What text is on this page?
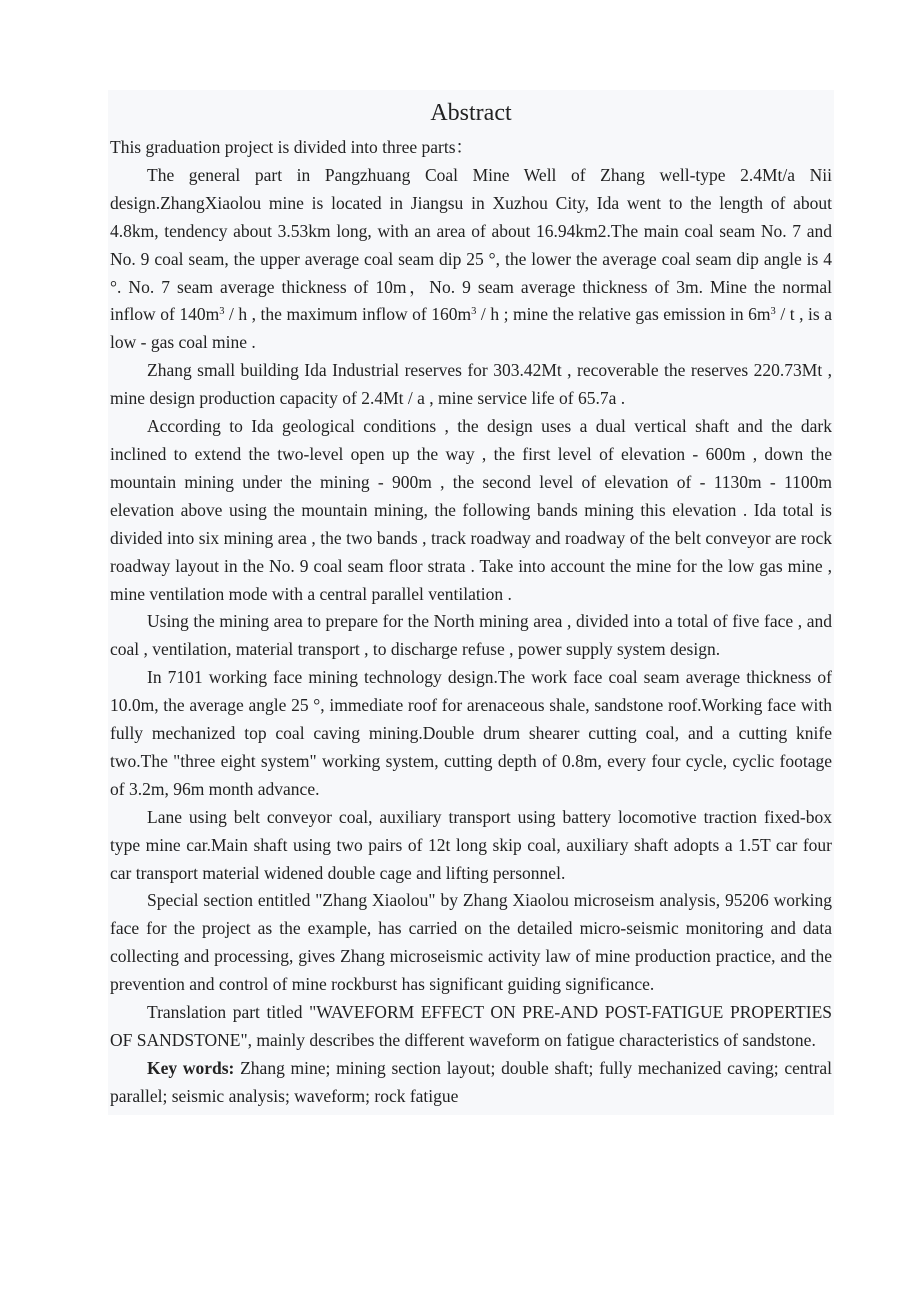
Abstract

This graduation project is divided into three parts：

The general part in Pangzhuang Coal Mine Well of Zhang well-type 2.4Mt/a Nii design.ZhangXiaolou mine is located in Jiangsu in Xuzhou City, Ida went to the length of about 4.8km, tendency about 3.53km long, with an area of about 16.94km2.The main coal seam No. 7 and No. 9 coal seam, the upper average coal seam dip 25 °, the lower the average coal seam dip angle is 4 °. No. 7 seam average thickness of 10m，No. 9 seam average thickness of 3m. Mine the normal inflow of $140m^3$ / h , the maximum inflow of $160m^3$ / h ; mine the relative gas emission in $6m^3$ / t , is a low - gas coal mine .

Zhang small building Ida Industrial reserves for 303.42Mt , recoverable the reserves 220.73Mt , mine design production capacity of 2.4Mt / a , mine service life of 65.7a .

According to Ida geological conditions , the design uses a dual vertical shaft and the dark inclined to extend the two-level open up the way , the first level of elevation - 600m , down the mountain mining under the mining - 900m , the second level of elevation of - 1130m - 1100m elevation above using the mountain mining, the following bands mining this elevation . Ida total is divided into six mining area , the two bands , track roadway and roadway of the belt conveyor are rock roadway layout in the No. 9 coal seam floor strata . Take into account the mine for the low gas mine , mine ventilation mode with a central parallel ventilation .

Using the mining area to prepare for the North mining area , divided into a total of five face , and coal , ventilation, material transport , to discharge refuse , power supply system design.

In 7101 working face mining technology design.The work face coal seam average thickness of 10.0m, the average angle 25 °, immediate roof for arenaceous shale, sandstone roof.Working face with fully mechanized top coal caving mining.Double drum shearer cutting coal, and a cutting knife two.The "three eight system" working system, cutting depth of 0.8m, every four cycle, cyclic footage of 3.2m, 96m month advance.

Lane using belt conveyor coal, auxiliary transport using battery locomotive traction fixed-box type mine car.Main shaft using two pairs of 12t long skip coal, auxiliary shaft adopts a 1.5T car four car transport material widened double cage and lifting personnel.

Special section entitled "Zhang Xiaolou" by Zhang Xiaolou microseism analysis, 95206 working face for the project as the example, has carried on the detailed micro-seismic monitoring and data collecting and processing, gives Zhang microseismic activity law of mine production practice, and the prevention and control of mine rockburst has significant guiding significance.

Translation part titled "WAVEFORM EFFECT ON PRE-AND POST-FATIGUE PROPERTIES OF SANDSTONE", mainly describes the different waveform on fatigue characteristics of sandstone.

Key words: Zhang mine; mining section layout; double shaft; fully mechanized caving; central parallel; seismic analysis; waveform; rock fatigue
